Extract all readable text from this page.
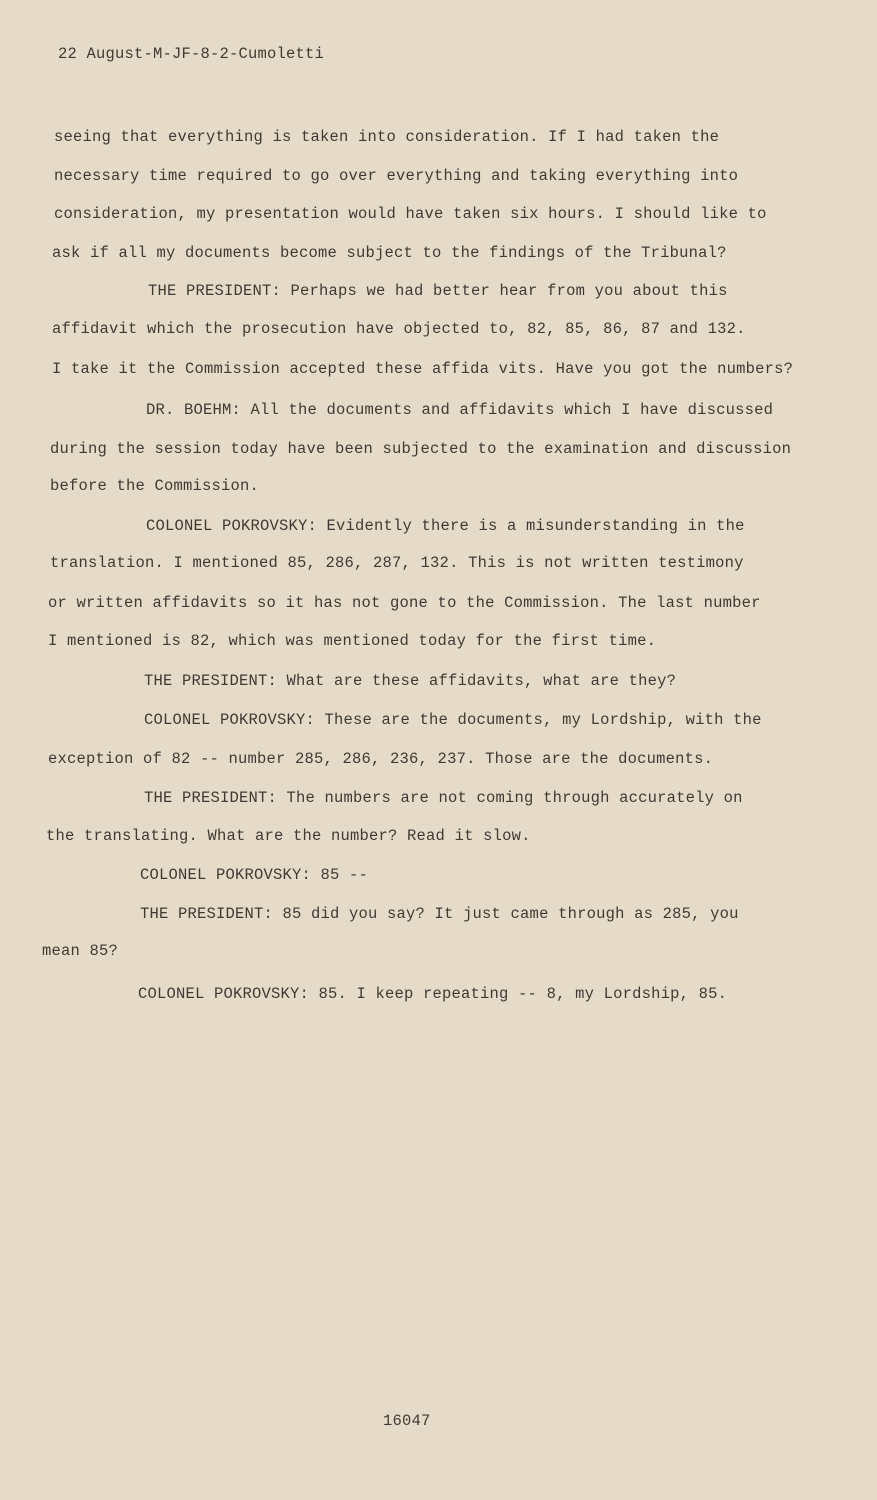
22 August-M-JF-8-2-Cumoletti
seeing that everything is taken into consideration. If I had taken the
necessary time required to go over everything and taking everything into
consideration, my presentation would have taken six hours. I should like to
ask if all my documents become subject to the findings of the Tribunal?
THE PRESIDENT: Perhaps we had better hear from you about this
affidavit which the prosecution have objected to, 82, 85, 86, 87 and 132.
I take it the Commission accepted these affida vits. Have you got the numbers?
DR. BOEHM: All the documents and affidavits which I have discussed
during the session today have been subjected to the examination and discussion
before the Commission.
COLONEL POKROVSKY: Evidently there is a misunderstanding in the
translation. I mentioned 85, 286, 287, 132. This is not written testimony
or written affidavits so it has not gone to the Commission. The last number
I mentioned is 82, which was mentioned today for the first time.
THE PRESIDENT: What are these affidavits, what are they?
COLONEL POKROVSKY: These are the documents, my Lordship, with the
exception of 82 -- number 285, 286, 236, 237. Those are the documents.
THE PRESIDENT: The numbers are not coming through accurately on
the translating. What are the number? Read it slow.
COLONEL POKROVSKY: 85 --
THE PRESIDENT: 85 did you say? It just came through as 285, you
mean 85?
COLONEL POKROVSKY: 85. I keep repeating -- 8, my Lordship, 85.
16047
